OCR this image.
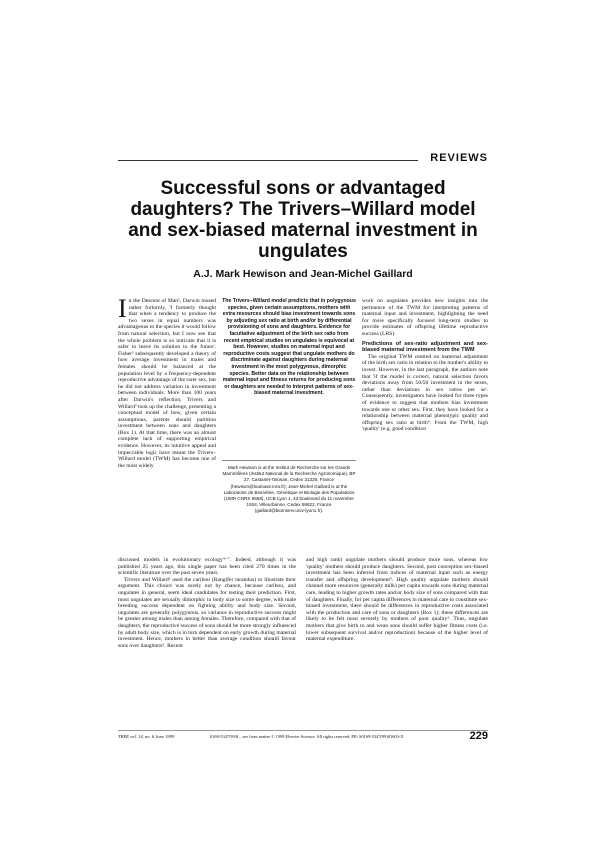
REVIEWS
Successful sons or advantaged daughters? The Trivers–Willard model and sex-biased maternal investment in ungulates
A.J. Mark Hewison and Jean-Michel Gaillard

In the Descent of Man¹, Darwin mused rather forlornly, 'I formerly thought that when a tendency to produce the two sexes in equal numbers was advantageous to the species it would follow from natural selection, but I now see that the whole problem is so intricate that it is safer to leave its solution to the future'. Fisher² subsequently developed a theory of how average investment in males and females should be balanced at the population level by a frequency-dependent reproductive advantage of the rarer sex, but he did not address variation in investment between individuals. More than 100 years after Darwin's reflection, Trivers and Willard³ took up the challenge, presenting a conceptual model of how, given certain assumptions, parents should partition investment between sons and daughters (Box 1). At that time, there was an almost complete lack of supporting empirical evidence. However, its intuitive appeal and impeccable logic have meant the Trivers–Willard model (TWM) has become one of the most widely

The Trivers–Willard model predicts that in polygynous species, given certain assumptions, mothers with extra resources should bias investment towards sons by adjusting sex ratio at birth and/or by differential provisioning of sons and daughters. Evidence for facultative adjustment of the birth sex ratio from recent empirical studies on ungulates is equivocal at best. However, studies on maternal input and reproductive costs suggest that ungulate mothers do discriminate against daughters during maternal investment in the most polygynous, dimorphic species. Better data on the relationship between maternal input and fitness returns for producing sons or daughters are needed to interpret patterns of sex-biased maternal investment.
Mark Hewison is at the Institut de Recherche sur les Grands Mammifères (Institut National de la Recherche Agronomique), BP 27, Castanet-Tolosan, Cedex 31326, France (hewison@toulouse.inra.fr); Jean-Michel Gaillard is at the Laboratoire de Biométrie, Génétique et Biologie des Populations (UMR CNRS 5558), UCB Lyon 1, 43 boulevard du 11 novembre 1918, Villeurbanne, Cedex 69622, France (gaillard@biomserv.univ-lyon1.fr).

work on ungulates provides new insights into the pertinence of the TWM for interpreting patterns of maternal input and investment, highlighting the need for more specifically focused long-term studies to provide estimates of offspring lifetime reproductive success (LRS).

Predictions of sex-ratio adjustment and sex-biased maternal investment from the TWM

The original TWM centred on maternal adjustment of the birth sex ratio in relation to the mother's ability to invest. However, in the last paragraph, the authors note that 'if the model is correct, natural selection favors deviations away from 50/50 investment in the sexes, rather than deviations in sex ratios per se'. Consequently, investigators have looked for three types of evidence to suggest that mothers bias investment towards one or other sex. First, they have looked for a relationship between maternal phenotypic quality and offspring sex ratio at birth⁴. From the TWM, high 'quality' (e.g. good condition

discussed models in evolutionary ecology⁴⁻⁷. Indeed, although it was published 25 years ago, this single paper has been cited 270 times in the scientific literature over the past seven years.

Trivers and Willard³ used the caribou (Rangifer tarandus) to illustrate their argument. This choice was surely not by chance, because caribou, and ungulates in general, seem ideal candidates for testing their prediction. First, most ungulates are sexually dimorphic in body size to some degree, with male breeding success dependent on fighting ability and body size. Second, ungulates are generally polygynous, so variance in reproductive success might be greater among males than among females. Therefore, compared with that of daughters, the reproductive success of sons should be more strongly influenced by adult body size, which is in turn dependent on early growth during maternal investment. Hence, mothers in better than average condition should favour sons over daughters⁵. Recent

and high rank) ungulate mothers should produce more sons, whereas low 'quality' mothers should produce daughters. Second, post conception sex-biased investment has been inferred from indices of maternal input such as energy transfer and offspring development⁵. High quality ungulate mothers should channel more resources (generally milk) per capita towards sons during maternal care, leading to higher growth rates and/or body size of sons compared with that of daughters. Finally, for per capita differences in maternal care to constitute sex-biased investment, there should be differences in reproductive costs associated with the production and care of sons or daughters (Box 1); these differences are likely to be felt most severely by mothers of poor quality⁵. Thus, ungulate mothers that give birth to and wean sons should suffer higher fitness costs (i.e. lower subsequent survival and/or reproduction) because of the higher level of maternal expenditure.

TREE vol. 14, no. 6 June 1999	0169-5347/99/$ – see front matter © 1999 Elsevier Science. All rights reserved. PII: S0169-5347(99)01603-X	229
